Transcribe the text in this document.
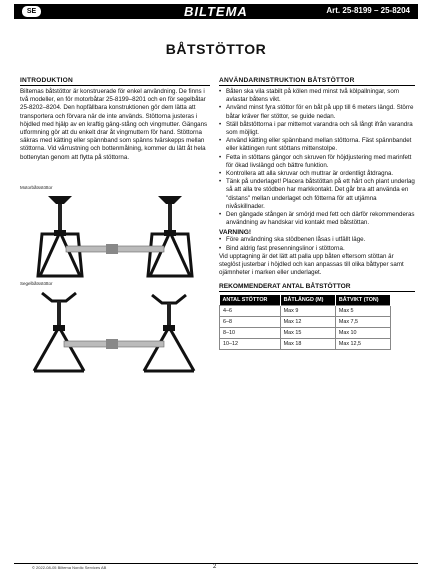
SE	BILTEMA	Art. 25-8199 – 25-8204
BÅTSTÖTTOR
INTRODUKTION
Biltemas båtstöttor är konstruerade för enkel användning. De finns i två modeller, en för motorbåtar 25-8199–8201 och en för segelbåtar 25-8202–8204. Den hopfällbara konstruktionen gör dem lätta att transportera och förvara när de inte används. Stöttorna justeras i höjdled med hjälp av en kraftig gäng-stång och vingmutter. Gängans utformning gör att du enkelt drar åt vingmuttern för hand. Stöttorna säkras med kätting eller spännband som spänns tvärskepps mellan stöttorna. Vid vårrustning och bottenmålning, kommer du lätt åt hela bottenytan genom att flytta på stöttorna.
Motorbåtsstöttor
Segelbåtsstöttor
ANVÄNDARINSTRUKTION BÅTSTÖTTOR
• Båten ska vila stabilt på kölen med minst två kölpallningar, som avlastar båtens vikt.
• Använd minst fyra stöttor för en båt på upp till 6 meters längd. Större båtar kräver fler stöttor, se guide nedan.
• Ställ båtstöttorna i par mittemot varandra och så långt ifrån varandra som möjligt.
• Använd kätting eller spännband mellan stöttorna. Fäst spännbandet eller kättingen runt stöttans mittenstolpe.
• Fetta in stöttans gängor och skruven för höjdjustering med marinfett för ökad livslängd och bättre funktion.
• Kontrollera att alla skruvar och muttrar är ordentligt åtdragna.
• Tänk på underlaget! Placera båtstöttan på ett hårt och plant underlag så att alla tre stödben har markkontakt. Det går bra att använda en "distans" mellan underlaget och fötterna för att utjämna nivåskillnader.
• Den gängade stången är smörjd med fett och därför rekommenderas användning av handskar vid kontakt med båtstöttan.
VARNING!
• Före användning ska stödbenen låsas i utfällt läge.
• Bind aldrig fast presenningslinor i stöttorna.
Vid upptagning är det lätt att palla upp båten eftersom stöttan är steglöst justerbar i höjdled och kan anpassas till olika båttyper samt ojämnheter i marken eller underlaget.
REKOMMENDERAT ANTAL BÅTSTÖTTOR
ANTAL STÖTTOR	BÅTLÄNGD (M)	BÅTVIKT (TON)
4–6	Max 9	Max 5
6–8	Max 12	Max 7,5
8–10	Max 15	Max 10
10–12	Max 18	Max 12,5
© 2022-08-05 Biltema Nordic Services AB	2
